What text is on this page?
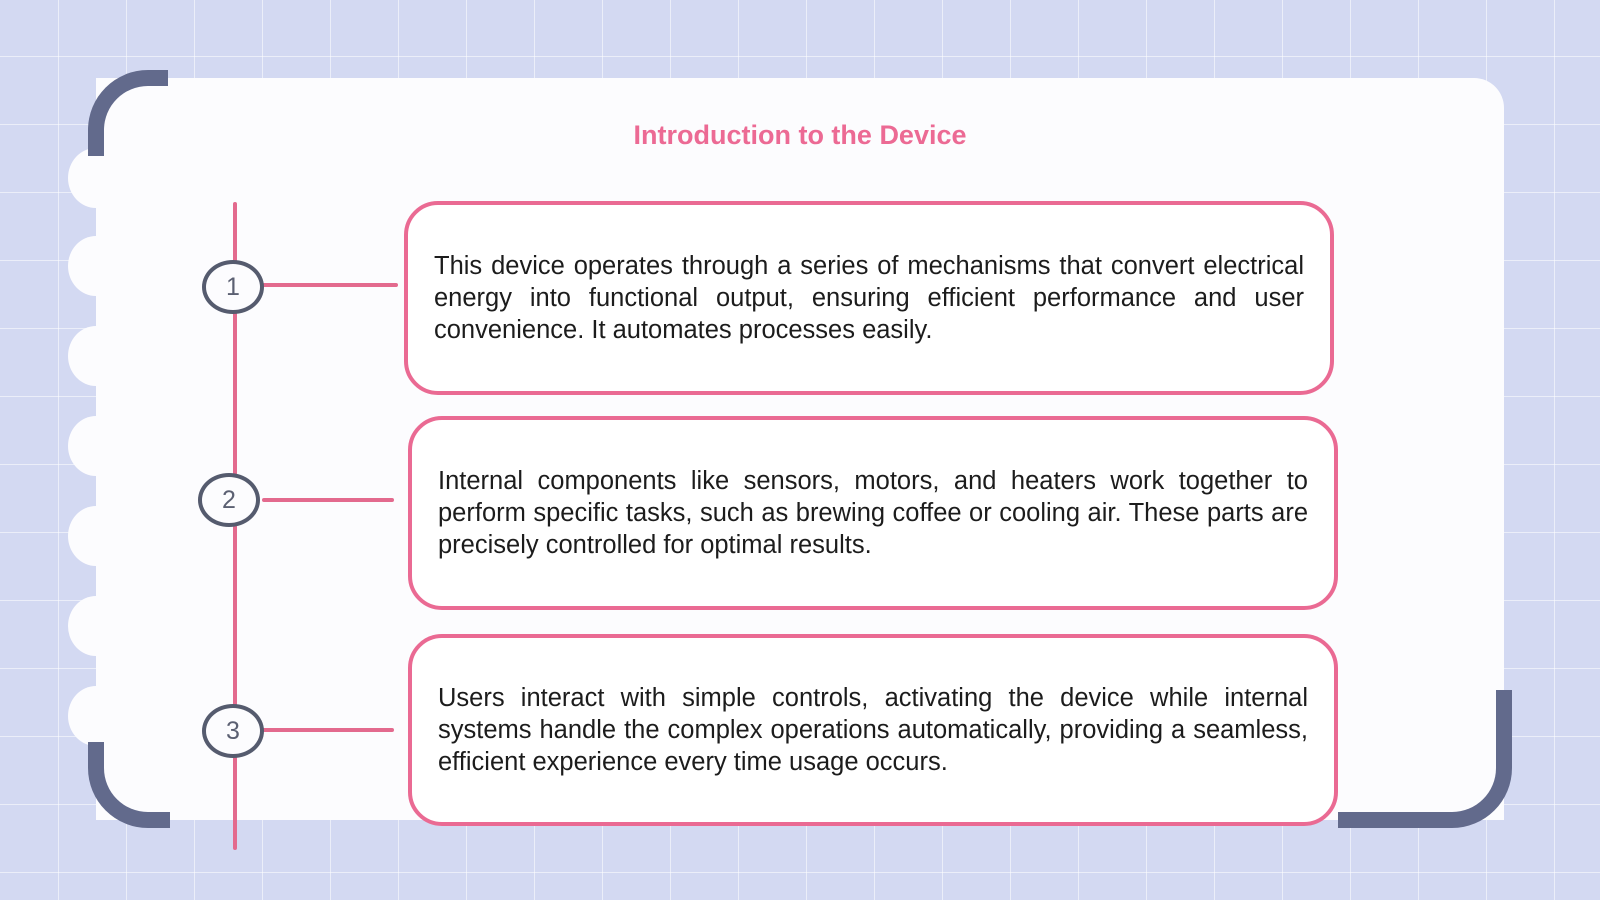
Introduction to the Device
1
2
3

This device operates through a series of mechanisms that convert electrical energy into functional output, ensuring efficient performance and user convenience. It automates processes easily.

Internal components like sensors, motors, and heaters work together to perform specific tasks, such as brewing coffee or cooling air. These parts are precisely controlled for optimal results.

Users interact with simple controls, activating the device while internal systems handle the complex operations automatically, providing a seamless, efficient experience every time usage occurs.
